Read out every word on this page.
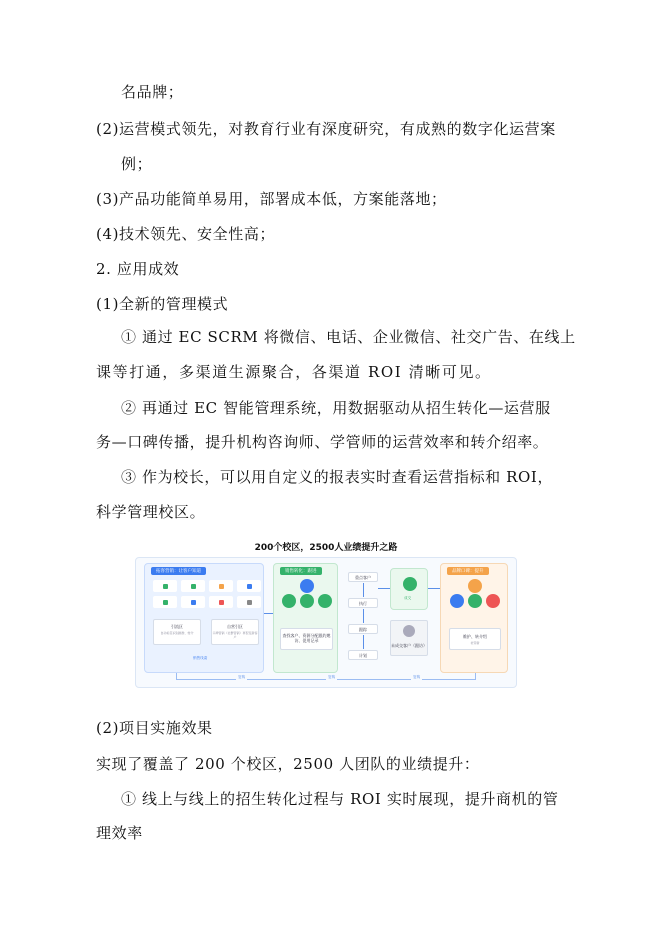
名品牌；
(2)运营模式领先，对教育行业有深度研究，有成熟的数字化运营案
例；
(3)产品功能简单易用，部署成本低，方案能落地；
(4)技术领先、安全性高；
2. 应用成效
(1)全新的管理模式
① 通过 EC SCRM 将微信、电话、企业微信、社交广告、在线上
课等打通，多渠道生源聚合，各渠道 ROI 清晰可见。
② 再通过 EC 智能管理系统，用数据驱动从招生转化—运营服
务—口碑传播，提升机构咨询师、学管师的运营效率和转介绍率。
③ 作为校长，可以用自定义的报表实时查看运营指标和 ROI，
科学管理校区。
200个校区，2500人业绩提升之路
拓客营销：让客户知道
引流区
自动标签识别画像、转介
自营引区
口碑营销（社群营销）再裂变新客户
销售线索
销售转化：跟进
查找客户、资源分配跟约邀访、促用记录
重点客户
执行
跟踪
计划
成交
未成交客户（跟访）
品牌口碑：提升
维护、转介绍
老带新
复购	复购	复购
(2)项目实施效果
实现了覆盖了 200 个校区，2500 人团队的业绩提升：
① 线上与线上的招生转化过程与 ROI 实时展现，提升商机的管
理效率
